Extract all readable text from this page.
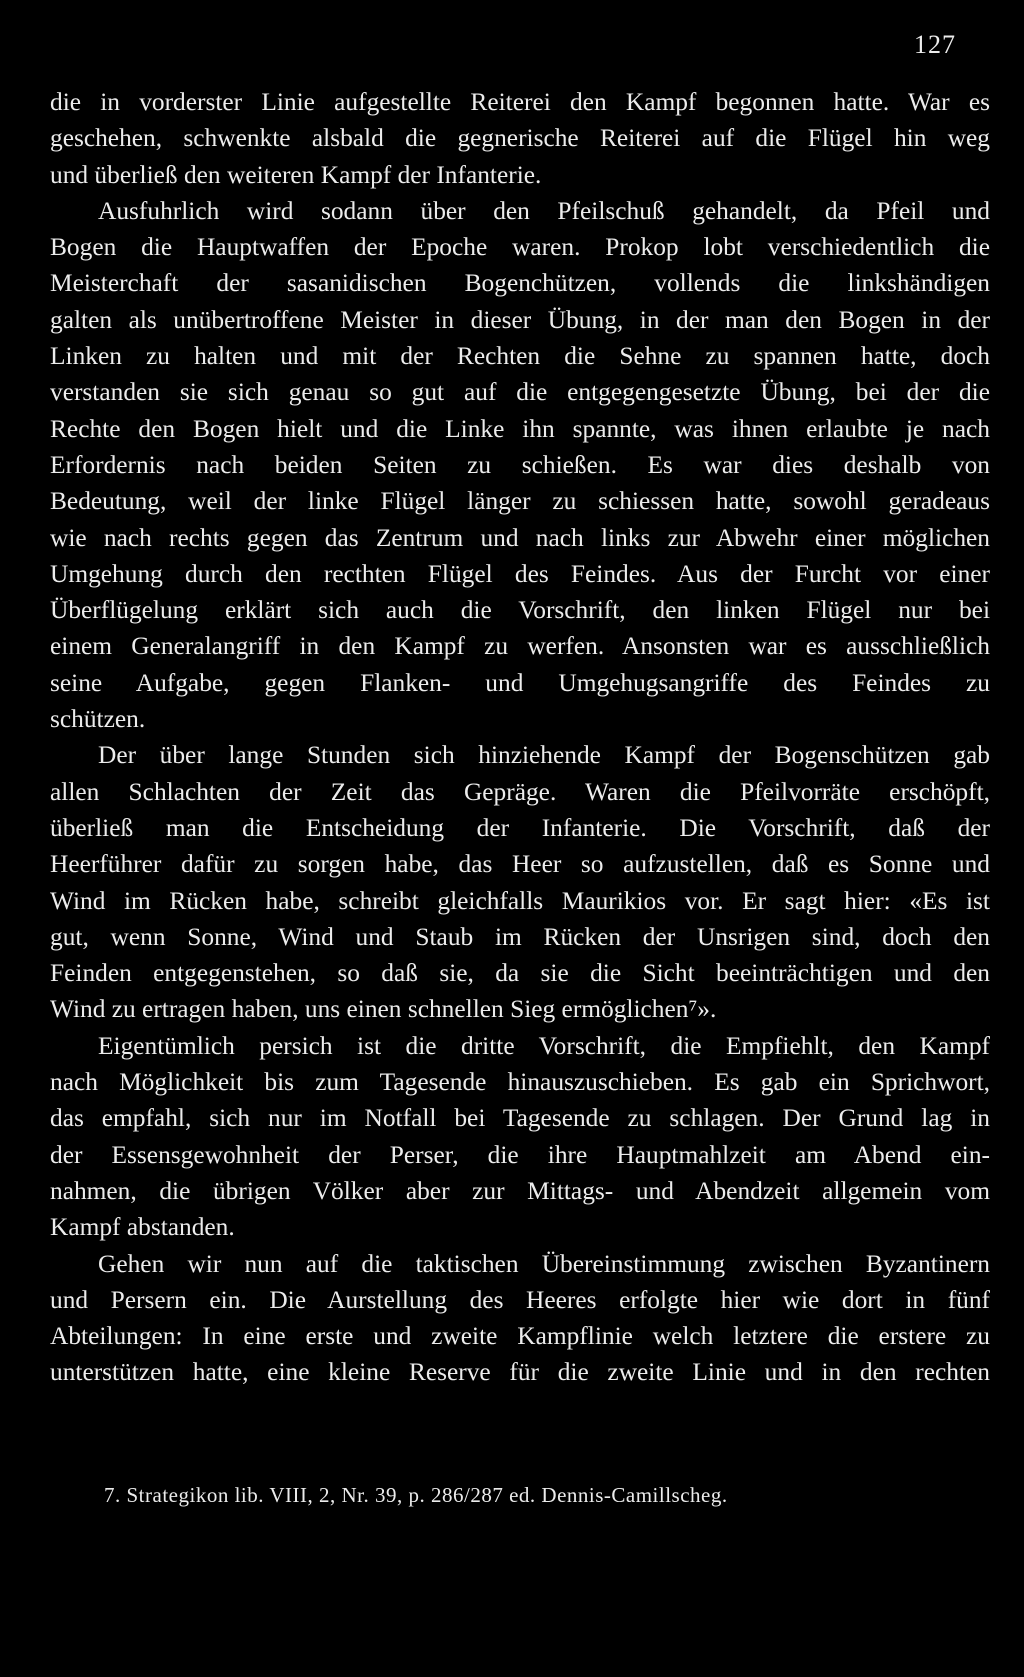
127
die in vorderster Linie aufgestellte Reiterei den Kampf begonnen hatte. War es
geschehen, schwenkte alsbald die gegnerische Reiterei auf die Flügel hin weg
und überließ den weiteren Kampf der Infanterie.
Ausfuhrlich wird sodann über den Pfeilschuß gehandelt, da Pfeil und
Bogen die Hauptwaffen der Epoche waren. Prokop lobt verschiedentlich die
Meisterchaft der sasanidischen Bogenchützen, vollends die linkshändigen
galten als unübertroffene Meister in dieser Übung, in der man den Bogen in der
Linken zu halten und mit der Rechten die Sehne zu spannen hatte, doch
verstanden sie sich genau so gut auf die entgegengesetzte Übung, bei der die
Rechte den Bogen hielt und die Linke ihn spannte, was ihnen erlaubte je nach
Erfordernis nach beiden Seiten zu schießen. Es war dies deshalb von
Bedeutung, weil der linke Flügel länger zu schiessen hatte, sowohl geradeaus
wie nach rechts gegen das Zentrum und nach links zur Abwehr einer möglichen
Umgehung durch den recthten Flügel des Feindes. Aus der Furcht vor einer
Überflügelung erklärt sich auch die Vorschrift, den linken Flügel nur bei
einem Generalangriff in den Kampf zu werfen. Ansonsten war es ausschließlich
seine Aufgabe, gegen Flanken- und Umgehugsangriffe des Feindes zu
schützen.
Der über lange Stunden sich hinziehende Kampf der Bogenschützen gab
allen Schlachten der Zeit das Gepräge. Waren die Pfeilvorräte erschöpft,
überließ man die Entscheidung der Infanterie. Die Vorschrift, daß der
Heerführer dafür zu sorgen habe, das Heer so aufzustellen, daß es Sonne und
Wind im Rücken habe, schreibt gleichfalls Maurikios vor. Er sagt hier: «Es ist
gut, wenn Sonne, Wind und Staub im Rücken der Unsrigen sind, doch den
Feinden entgegenstehen, so daß sie, da sie die Sicht beeinträchtigen und den
Wind zu ertragen haben, uns einen schnellen Sieg ermöglichen⁷».
Eigentümlich persich ist die dritte Vorschrift, die Empfiehlt, den Kampf
nach Möglichkeit bis zum Tagesende hinauszuschieben. Es gab ein Sprichwort,
das empfahl, sich nur im Notfall bei Tagesende zu schlagen. Der Grund lag in
der Essensgewohnheit der Perser, die ihre Hauptmahlzeit am Abend ein-
nahmen, die übrigen Völker aber zur Mittags- und Abendzeit allgemein vom
Kampf abstanden.
Gehen wir nun auf die taktischen Übereinstimmung zwischen Byzantinern
und Persern ein. Die Aurstellung des Heeres erfolgte hier wie dort in fünf
Abteilungen: In eine erste und zweite Kampflinie welch letztere die erstere zu
unterstützen hatte, eine kleine Reserve für die zweite Linie und in den rechten
7. Strategikon lib. VIII, 2, Nr. 39, p. 286/287 ed. Dennis-Camillscheg.
